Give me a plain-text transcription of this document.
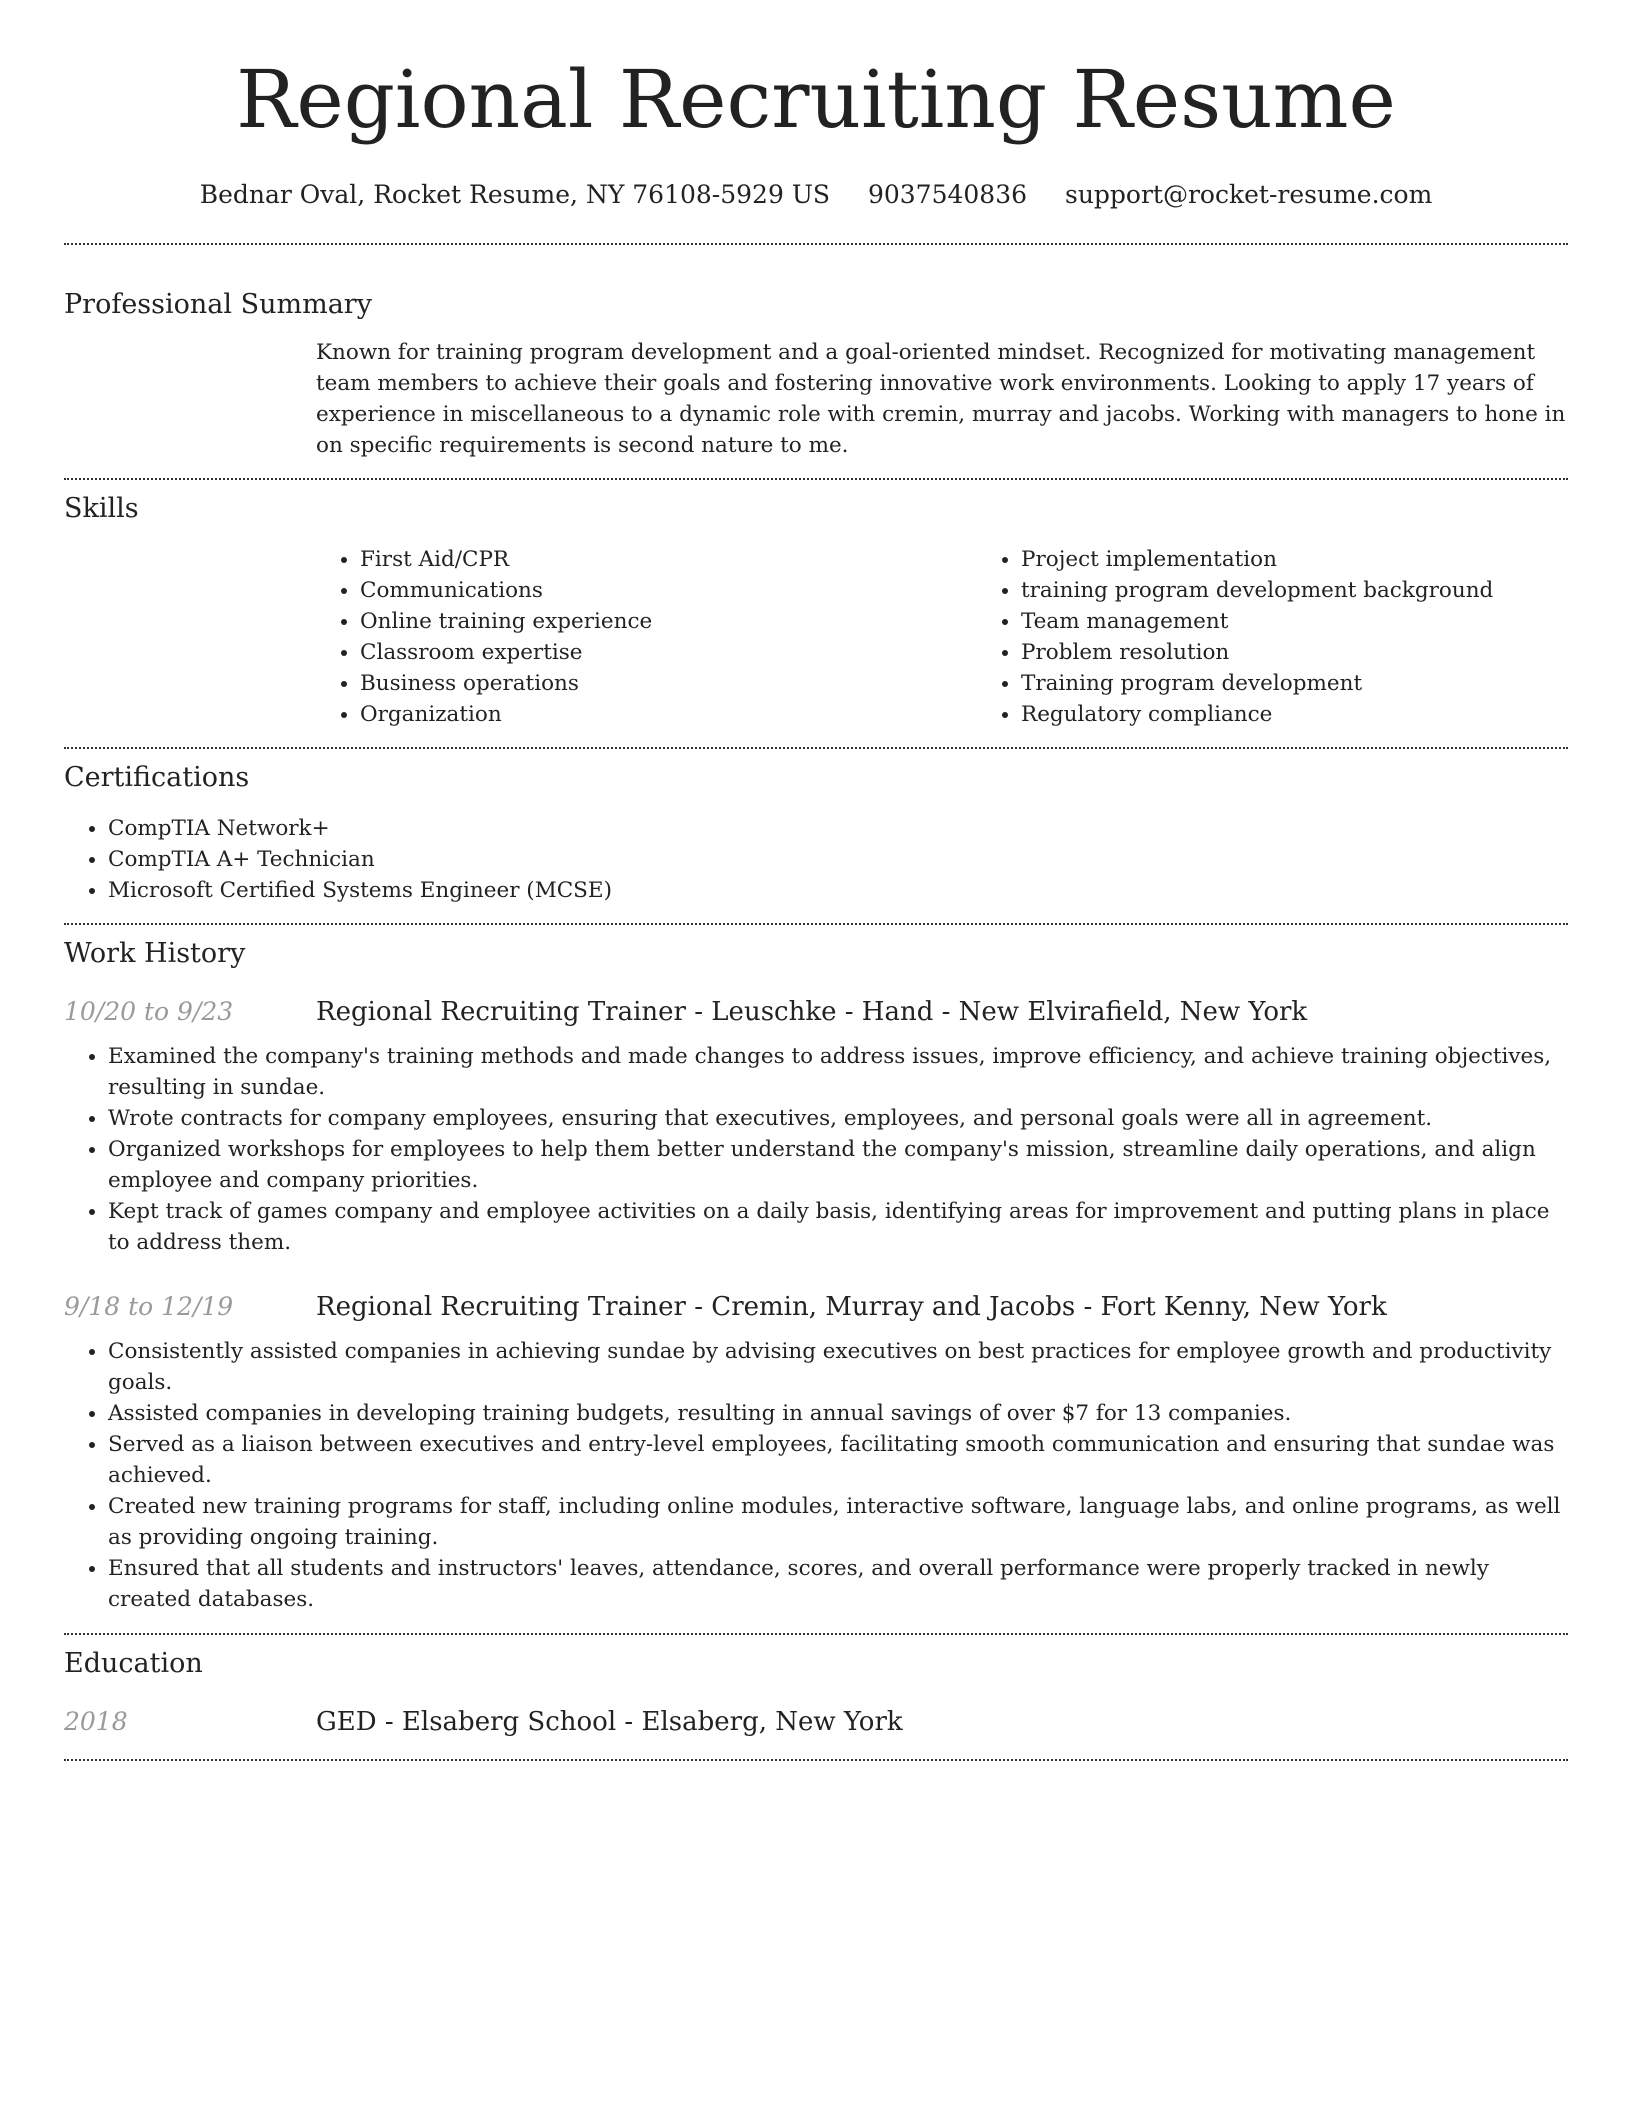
Regional Recruiting Resume
Bednar Oval, Rocket Resume, NY 76108-5929 US 9037540836 support@rocket-resume.com
Professional Summary

Known for training program development and a goal-oriented mindset. Recognized for motivating management team members to achieve their goals and fostering innovative work environments. Looking to apply 17 years of experience in miscellaneous to a dynamic role with cremin, murray and jacobs. Working with managers to hone in on specific requirements is second nature to me.

Skills
• First Aid/CPR
• Communications
• Online training experience
• Classroom expertise
• Business operations
• Organization
• Project implementation
• training program development background
• Team management
• Problem resolution
• Training program development
• Regulatory compliance
Certifications
• CompTIA Network+
• CompTIA A+ Technician
• Microsoft Certified Systems Engineer (MCSE)
Work History
10/20 to 9/23	Regional Recruiting Trainer - Leuschke - Hand - New Elvirafield, New York
• Examined the company's training methods and made changes to address issues, improve efficiency, and achieve training objectives, resulting in sundae.
• Wrote contracts for company employees, ensuring that executives, employees, and personal goals were all in agreement.
• Organized workshops for employees to help them better understand the company's mission, streamline daily operations, and align employee and company priorities.
• Kept track of games company and employee activities on a daily basis, identifying areas for improvement and putting plans in place to address them.
9/18 to 12/19	Regional Recruiting Trainer - Cremin, Murray and Jacobs - Fort Kenny, New York
• Consistently assisted companies in achieving sundae by advising executives on best practices for employee growth and productivity goals.
• Assisted companies in developing training budgets, resulting in annual savings of over $7 for 13 companies.
• Served as a liaison between executives and entry-level employees, facilitating smooth communication and ensuring that sundae was achieved.
• Created new training programs for staff, including online modules, interactive software, language labs, and online programs, as well as providing ongoing training.
• Ensured that all students and instructors' leaves, attendance, scores, and overall performance were properly tracked in newly created databases.
Education
2018	GED - Elsaberg School - Elsaberg, New York
